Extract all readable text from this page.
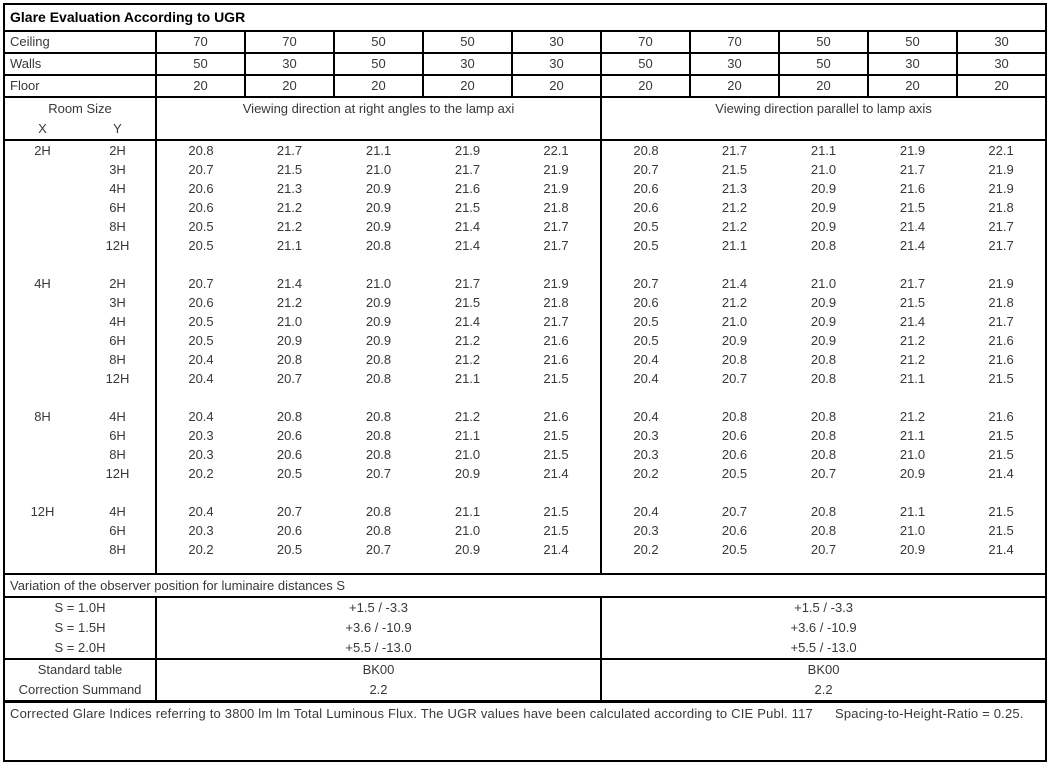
Glare Evaluation According to UGR											
Ceiling		70	70	50	50	30	70	70	50	50	30
Walls		50	30	50	30	30	50	30	50	30	30
Floor		20	20	20	20	20	20	20	20	20	20
Room Size		Viewing direction at right angles to the lamp axi					Viewing direction parallel to lamp axis				
X	Y										
2H	2H	20.8	21.7	21.1	21.9	22.1	20.8	21.7	21.1	21.9	22.1
	3H	20.7	21.5	21.0	21.7	21.9	20.7	21.5	21.0	21.7	21.9
	4H	20.6	21.3	20.9	21.6	21.9	20.6	21.3	20.9	21.6	21.9
	6H	20.6	21.2	20.9	21.5	21.8	20.6	21.2	20.9	21.5	21.8
	8H	20.5	21.2	20.9	21.4	21.7	20.5	21.2	20.9	21.4	21.7
	12H	20.5	21.1	20.8	21.4	21.7	20.5	21.1	20.8	21.4	21.7

4H	2H	20.7	21.4	21.0	21.7	21.9	20.7	21.4	21.0	21.7	21.9
	3H	20.6	21.2	20.9	21.5	21.8	20.6	21.2	20.9	21.5	21.8
	4H	20.5	21.0	20.9	21.4	21.7	20.5	21.0	20.9	21.4	21.7
	6H	20.5	20.9	20.9	21.2	21.6	20.5	20.9	20.9	21.2	21.6
	8H	20.4	20.8	20.8	21.2	21.6	20.4	20.8	20.8	21.2	21.6
	12H	20.4	20.7	20.8	21.1	21.5	20.4	20.7	20.8	21.1	21.5

8H	4H	20.4	20.8	20.8	21.2	21.6	20.4	20.8	20.8	21.2	21.6
	6H	20.3	20.6	20.8	21.1	21.5	20.3	20.6	20.8	21.1	21.5
	8H	20.3	20.6	20.8	21.0	21.5	20.3	20.6	20.8	21.0	21.5
	12H	20.2	20.5	20.7	20.9	21.4	20.2	20.5	20.7	20.9	21.4

12H	4H	20.4	20.7	20.8	21.1	21.5	20.4	20.7	20.8	21.1	21.5
	6H	20.3	20.6	20.8	21.0	21.5	20.3	20.6	20.8	21.0	21.5
	8H	20.2	20.5	20.7	20.9	21.4	20.2	20.5	20.7	20.9	21.4

Variation of the observer position for luminaire distances S											
S = 1.0H		+1.5 / -3.3					+1.5 / -3.3				
S = 1.5H		+3.6 / -10.9					+3.6 / -10.9				
S = 2.0H		+5.5 / -13.0					+5.5 / -13.0				
Standard table		BK00					BK00				
Correction Summand		2.2					2.2				
Corrected Glare Indices referring to 3800 lm lm Total Luminous Flux. The UGR values have been calculated according to CIE Publ. 117 Spacing-to-Height-Ratio = 0.25.											
